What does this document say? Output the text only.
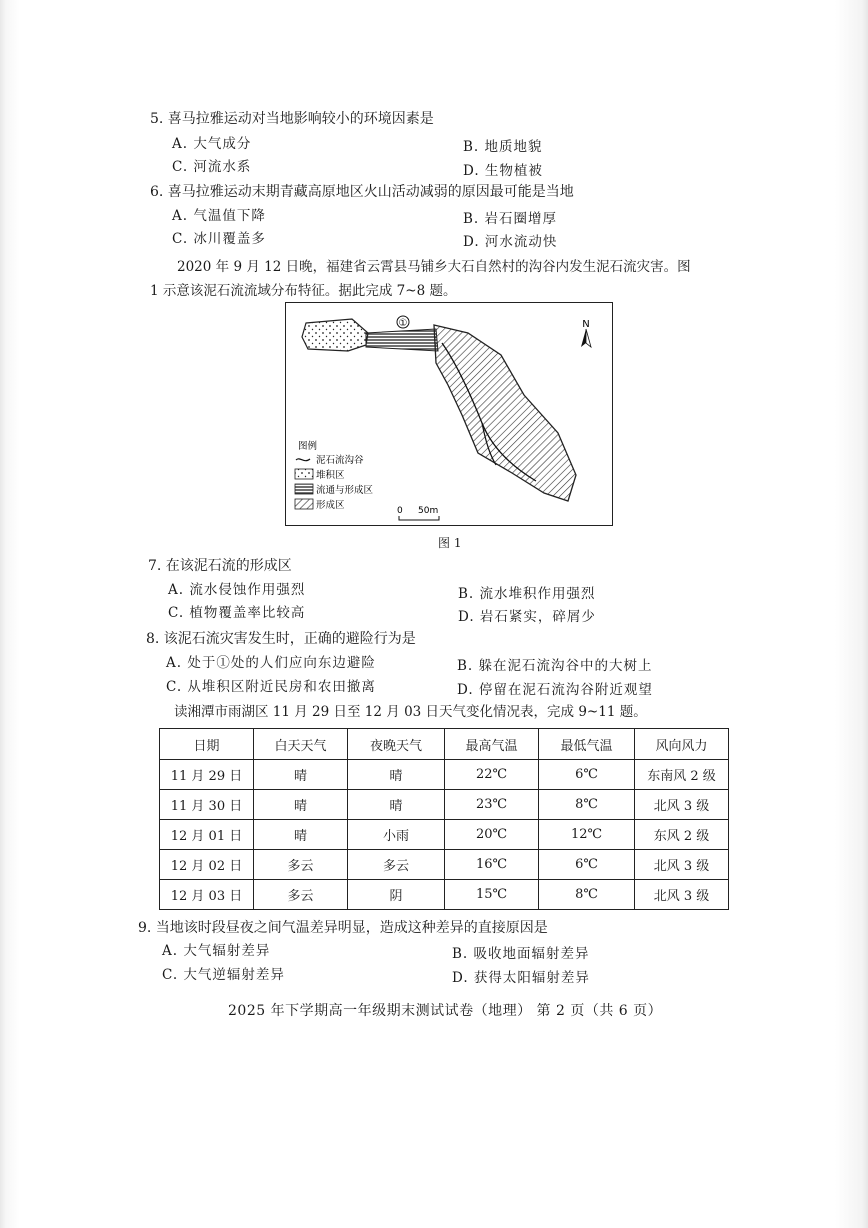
5. 喜马拉雅运动对当地影响较小的环境因素是
A. 大气成分	B. 地质地貌
C. 河流水系	D. 生物植被
6. 喜马拉雅运动末期青藏高原地区火山活动减弱的原因最可能是当地
A. 气温值下降	B. 岩石圈增厚
C. 冰川覆盖多	D. 河水流动快
2020 年 9 月 12 日晚，福建省云霄县马铺乡大石自然村的沟谷内发生泥石流灾害。图
1 示意该泥石流流域分布特征。据此完成 7~8 题。
①	N
图例
泥石流沟谷
堆积区
流通与形成区
形成区	0 50m
图 1
7. 在该泥石流的形成区
A. 流水侵蚀作用强烈	B. 流水堆积作用强烈
C. 植物覆盖率比较高	D. 岩石紧实，碎屑少
8. 该泥石流灾害发生时，正确的避险行为是
A. 处于①处的人们应向东边避险	B. 躲在泥石流沟谷中的大树上
C. 从堆积区附近民房和农田撤离	D. 停留在泥石流沟谷附近观望
读湘潭市雨湖区 11 月 29 日至 12 月 03 日天气变化情况表，完成 9~11 题。
日期	白天天气	夜晚天气	最高气温	最低气温	风向风力
11 月 29 日	晴	晴	22℃	6℃	东南风 2 级
11 月 30 日	晴	晴	23℃	8℃	北风 3 级
12 月 01 日	晴	小雨	20℃	12℃	东风 2 级
12 月 02 日	多云	多云	16℃	6℃	北风 3 级
12 月 03 日	多云	阴	15℃	8℃	北风 3 级
9. 当地该时段昼夜之间气温差异明显，造成这种差异的直接原因是
A. 大气辐射差异	B. 吸收地面辐射差异
C. 大气逆辐射差异	D. 获得太阳辐射差异
2025 年下学期高一年级期末测试试卷（地理） 第 2 页（共 6 页）
